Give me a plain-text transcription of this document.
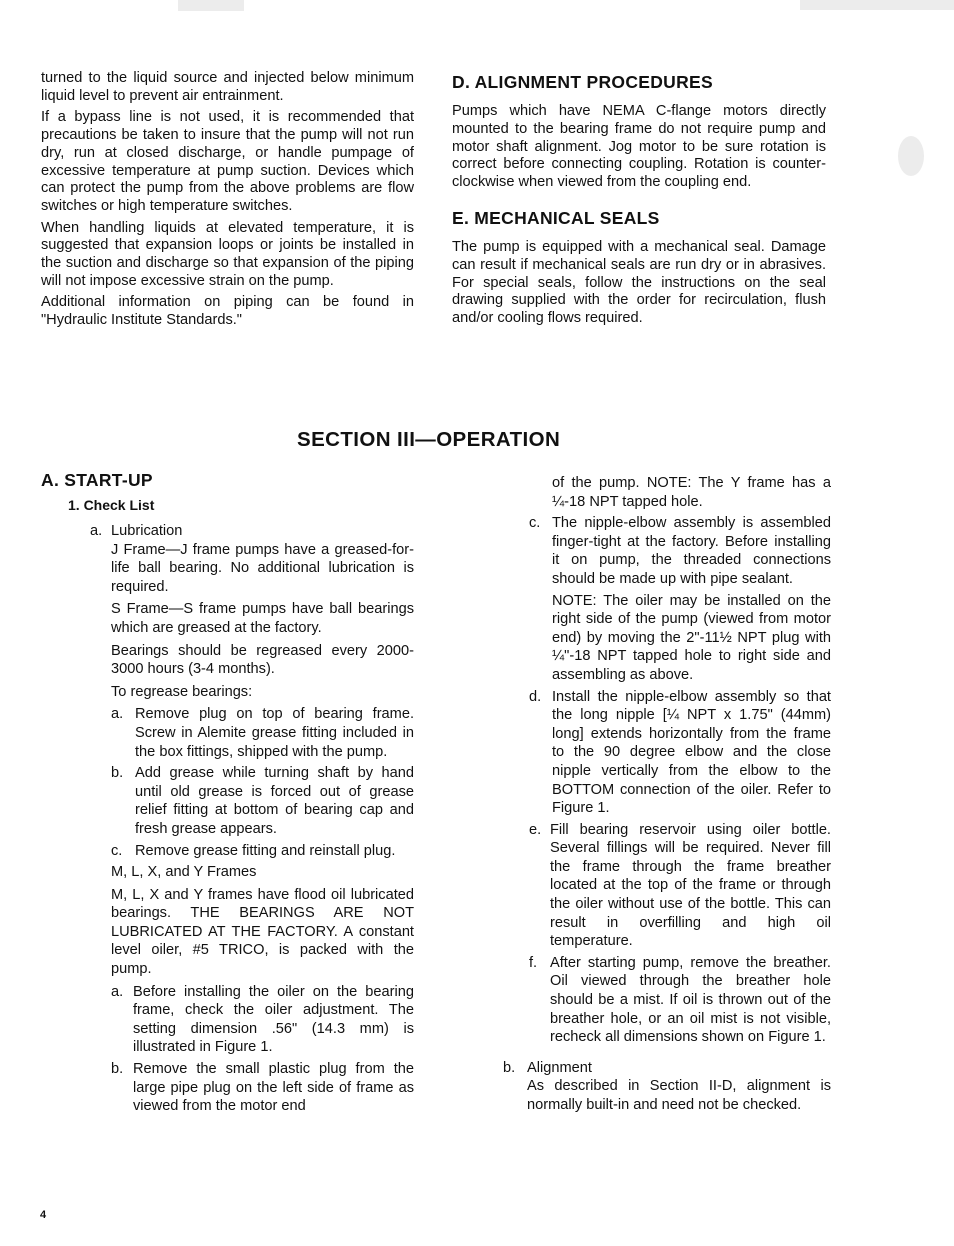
turned to the liquid source and injected below minimum liquid level to prevent air entrainment.

If a bypass line is not used, it is recommended that precautions be taken to insure that the pump will not run dry, run at closed discharge, or handle pumpage of excessive temperature at pump suction. Devices which can protect the pump from the above problems are flow switches or high temperature switches.

When handling liquids at elevated temperature, it is suggested that expansion loops or joints be installed in the suction and discharge so that expansion of the piping will not impose excessive strain on the pump.

Additional information on piping can be found in "Hydraulic Institute Standards."

D. ALIGNMENT PROCEDURES

Pumps which have NEMA C-flange motors directly mounted to the bearing frame do not require pump and motor shaft alignment. Jog motor to be sure rotation is correct before connecting coupling. Rotation is counter-clockwise when viewed from the coupling end.

E. MECHANICAL SEALS

The pump is equipped with a mechanical seal. Damage can result if mechanical seals are run dry or in abrasives. For special seals, follow the instructions on the seal drawing supplied with the order for recirculation, flush and/or cooling flows required.

SECTION III—OPERATION

A. START-UP

1. Check List

a. Lubrication

J Frame—J frame pumps have a greased-for-life ball bearing. No additional lubrication is required.

S Frame—S frame pumps have ball bearings which are greased at the factory.

Bearings should be regreased every 2000-3000 hours (3-4 months).

To regrease bearings:

a. Remove plug on top of bearing frame. Screw in Alemite grease fitting included in the box fittings, shipped with the pump.
b. Add grease while turning shaft by hand until old grease is forced out of grease relief fitting at bottom of bearing cap and fresh grease appears.
c. Remove grease fitting and reinstall plug.

M, L, X, and Y Frames

M, L, X and Y frames have flood oil lubricated bearings. THE BEARINGS ARE NOT LUBRICATED AT THE FACTORY. A constant level oiler, #5 TRICO, is packed with the pump.

a. Before installing the oiler on the bearing frame, check the oiler adjustment. The setting dimension .56" (14.3 mm) is illustrated in Figure 1.
b. Remove the small plastic plug from the large pipe plug on the left side of frame as viewed from the motor end

of the pump. NOTE: The Y frame has a ¼-18 NPT tapped hole.

c. The nipple-elbow assembly is assembled finger-tight at the factory. Before installing it on pump, the threaded connections should be made up with pipe sealant.

NOTE: The oiler may be installed on the right side of the pump (viewed from motor end) by moving the 2"-11½ NPT plug with ¼"-18 NPT tapped hole to right side and assembling as above.

d. Install the nipple-elbow assembly so that the long nipple [¼ NPT x 1.75" (44mm) long] extends horizontally from the frame to the 90 degree elbow and the close nipple vertically from the elbow to the BOTTOM connection of the oiler. Refer to Figure 1.
e. Fill bearing reservoir using oiler bottle. Several fillings will be required. Never fill the frame through the frame breather located at the top of the frame or through the oiler without use of the bottle. This can result in overfilling and high oil temperature.
f. After starting pump, remove the breather. Oil viewed through the breather hole should be a mist. If oil is thrown out of the breather hole, or an oil mist is not visible, recheck all dimensions shown on Figure 1.
b. Alignment

As described in Section II-D, alignment is normally built-in and need not be checked.

4
